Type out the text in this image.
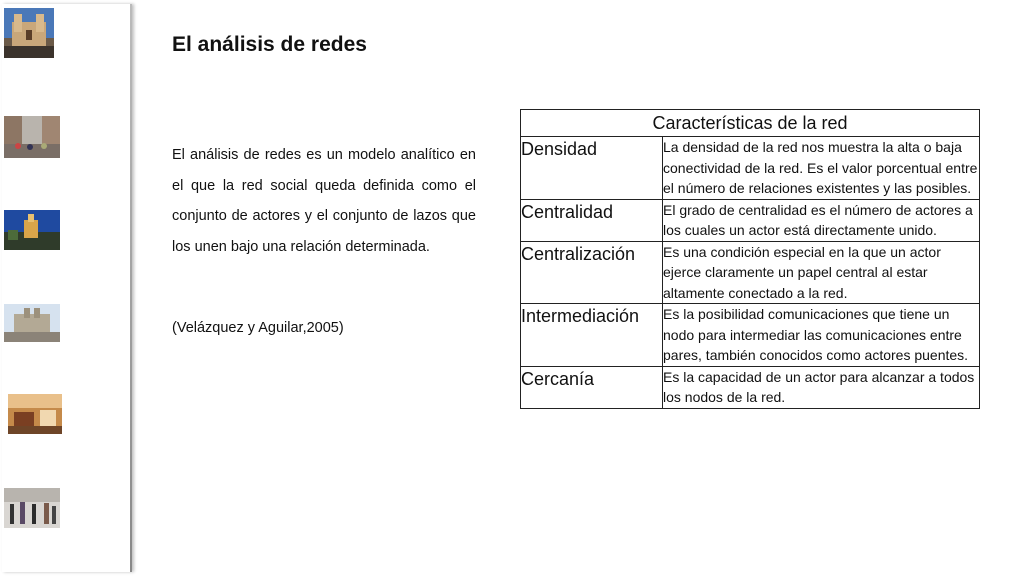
El análisis de redes
El análisis de redes es un modelo analítico en el que la red social queda definida como el conjunto de actores y el conjunto de lazos que los unen bajo una relación determinada.
(Velázquez y Aguilar,2005)
Características de la red	
Densidad	La densidad de la red nos muestra la alta o baja conectividad de la red. Es el valor porcentual entre el número de relaciones existentes y las posibles.
Centralidad	El grado de centralidad es el número de actores a los cuales un actor está directamente unido.
Centralización	Es una condición especial en la que un actor ejerce claramente un papel central al estar altamente conectado a la red.
Intermediación	Es la posibilidad comunicaciones que tiene un nodo para intermediar las comunicaciones entre pares, también conocidos como actores puentes.
Cercanía	Es la capacidad de un actor para alcanzar a todos los nodos de la red.
